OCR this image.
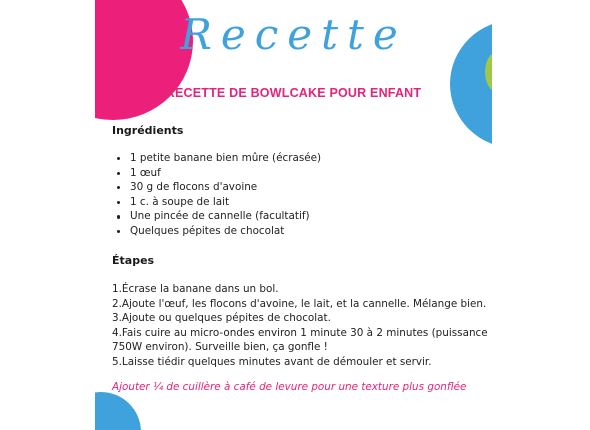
Recette
RECETTE DE BOWLCAKE POUR ENFANT
Ingrédients
1 petite banane bien mûre (écrasée)
1 œuf
30 g de flocons d'avoine
1 c. à soupe de lait
Une pincée de cannelle (facultatif)
Quelques pépites de chocolat
Étapes
1.Écrase la banane dans un bol.
2.Ajoute l'œuf, les flocons d'avoine, le lait, et la cannelle. Mélange bien.
3.Ajoute ou quelques pépites de chocolat.
4.Fais cuire au micro-ondes environ 1 minute 30 à 2 minutes (puissance
750W environ). Surveille bien, ça gonfle !
5.Laisse tiédir quelques minutes avant de démouler et servir.
Ajouter ¼ de cuillère à café de levure pour une texture plus gonflée
